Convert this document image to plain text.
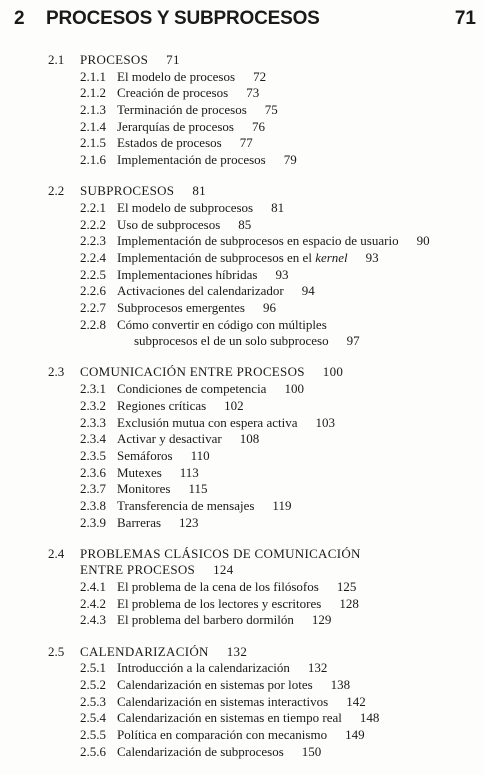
2 PROCESOS Y SUBPROCESOS	71
2.1 PROCESOS 71
2.1.1 El modelo de procesos 72
2.1.2 Creación de procesos 73
2.1.3 Terminación de procesos 75
2.1.4 Jerarquías de procesos 76
2.1.5 Estados de procesos 77
2.1.6 Implementación de procesos 79
2.2 SUBPROCESOS 81
2.2.1 El modelo de subprocesos 81
2.2.2 Uso de subprocesos 85
2.2.3 Implementación de subprocesos en espacio de usuario 90
2.2.4 Implementación de subprocesos en el kernel 93
2.2.5 Implementaciones híbridas 93
2.2.6 Activaciones del calendarizador 94
2.2.7 Subprocesos emergentes 96
2.2.8 Cómo convertir en código con múltiples
subprocesos el de un solo subproceso 97
2.3 COMUNICACIÓN ENTRE PROCESOS 100
2.3.1 Condiciones de competencia 100
2.3.2 Regiones críticas 102
2.3.3 Exclusión mutua con espera activa 103
2.3.4 Activar y desactivar 108
2.3.5 Semáforos 110
2.3.6 Mutexes 113
2.3.7 Monitores 115
2.3.8 Transferencia de mensajes 119
2.3.9 Barreras 123
2.4 PROBLEMAS CLÁSICOS DE COMUNICACIÓN
ENTRE PROCESOS 124
2.4.1 El problema de la cena de los filósofos 125
2.4.2 El problema de los lectores y escritores 128
2.4.3 El problema del barbero dormilón 129
2.5 CALENDARIZACIÓN 132
2.5.1 Introducción a la calendarización 132
2.5.2 Calendarización en sistemas por lotes 138
2.5.3 Calendarización en sistemas interactivos 142
2.5.4 Calendarización en sistemas en tiempo real 148
2.5.5 Política en comparación con mecanismo 149
2.5.6 Calendarización de subprocesos 150
